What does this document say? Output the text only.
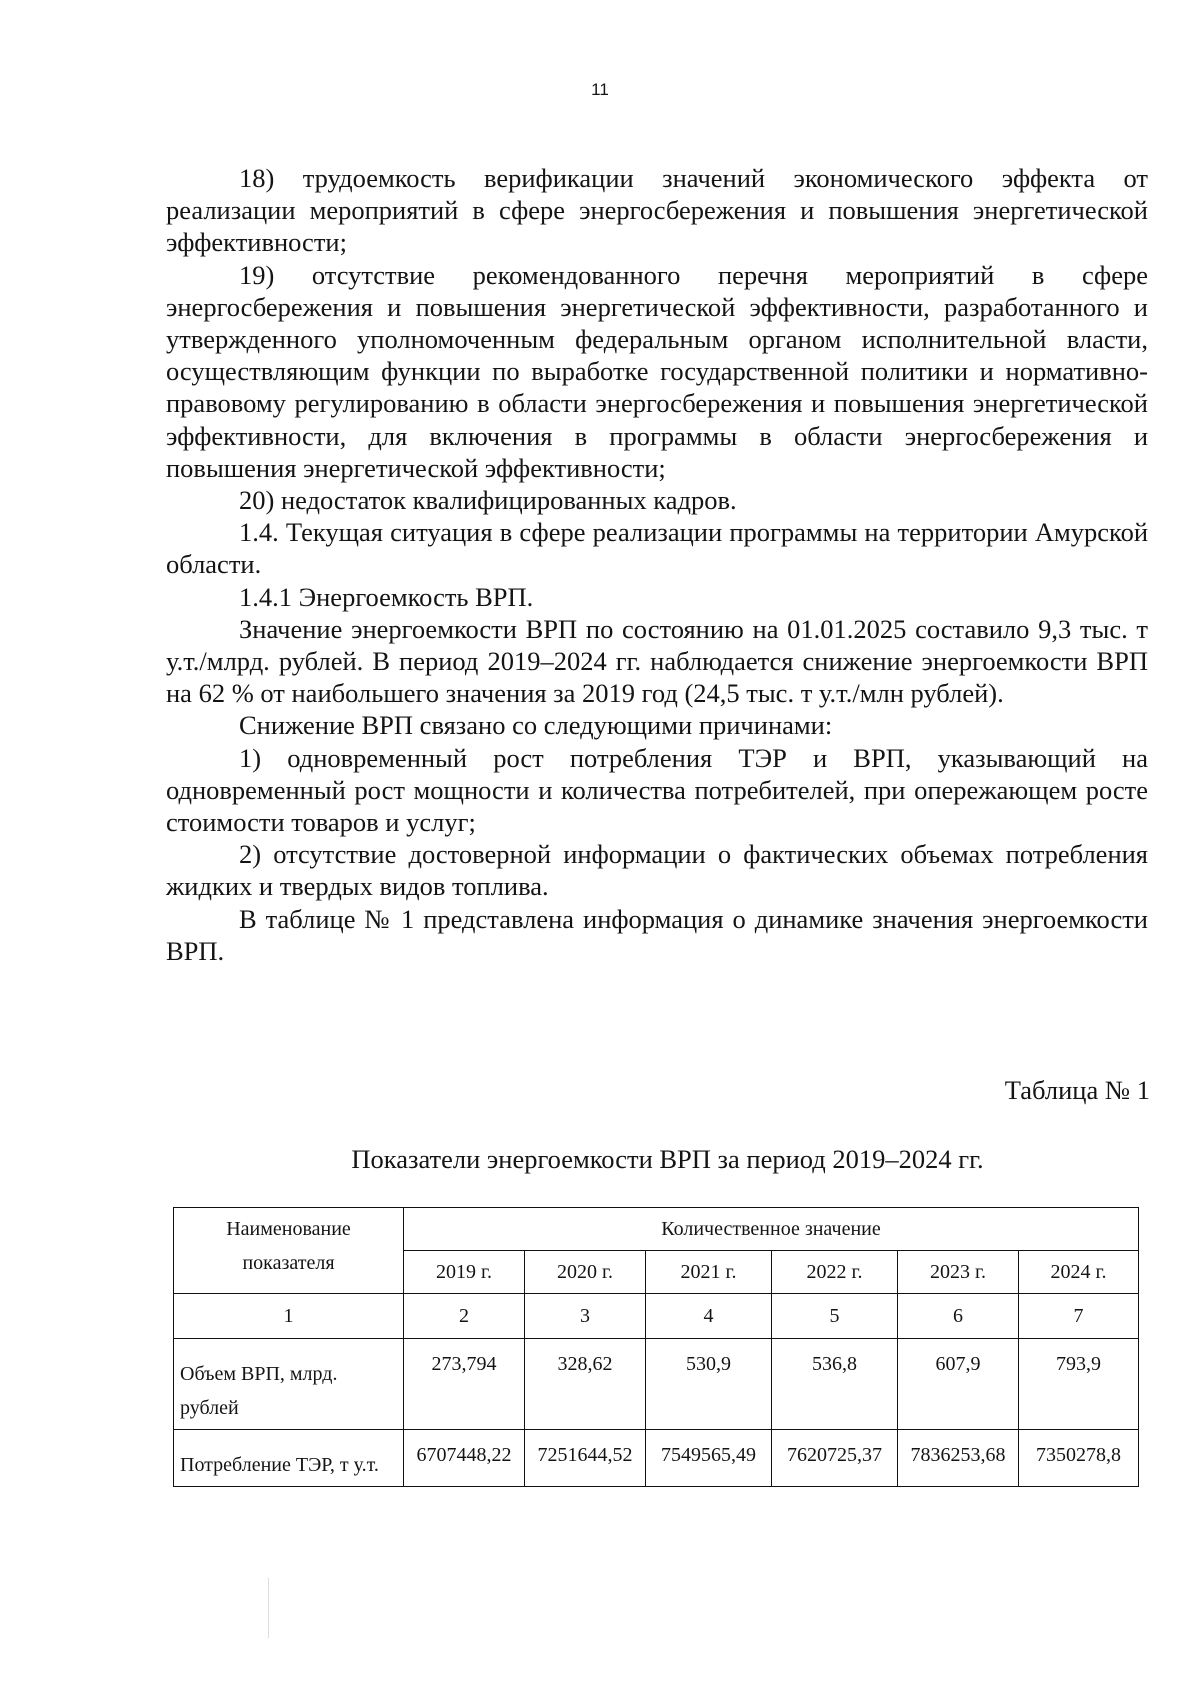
11

18) трудоемкость верификации значений экономического эффекта от реализации мероприятий в сфере энергосбережения и повышения энергетической эффективности;

19) отсутствие рекомендованного перечня мероприятий в сфере энергосбережения и повышения энергетической эффективности, разработанного и утвержденного уполномоченным федеральным органом исполнительной власти, осуществляющим функции по выработке государственной политики и нормативно-правовому регулированию в области энергосбережения и повышения энергетической эффективности, для включения в программы в области энергосбережения и повышения энергетической эффективности;

20) недостаток квалифицированных кадров.

1.4. Текущая ситуация в сфере реализации программы на территории Амурской области.

1.4.1 Энергоемкость ВРП.

Значение энергоемкости ВРП по состоянию на 01.01.2025 составило 9,3 тыс. т у.т./млрд. рублей. В период 2019–2024 гг. наблюдается снижение энергоемкости ВРП на 62 % от наибольшего значения за 2019 год (24,5 тыс. т у.т./млн рублей).

Снижение ВРП связано со следующими причинами:

1) одновременный рост потребления ТЭР и ВРП, указывающий на одновременный рост мощности и количества потребителей, при опережающем росте стоимости товаров и услуг;

2) отсутствие достоверной информации о фактических объемах потребления жидких и твердых видов топлива.

В таблице № 1 представлена информация о динамике значения энергоемкости ВРП.

Таблица № 1
Показатели энергоемкости ВРП за период 2019–2024 гг.
Наименование показателя	Количественное значение					
	2019 г.	2020 г.	2021 г.	2022 г.	2023 г.	2024 г.
1	2	3	4	5	6	7
Объем ВРП, млрд. рублей	273,794	328,62	530,9	536,8	607,9	793,9
Потребление ТЭР, т у.т.	6707448,22	7251644,52	7549565,49	7620725,37	7836253,68	7350278,8
